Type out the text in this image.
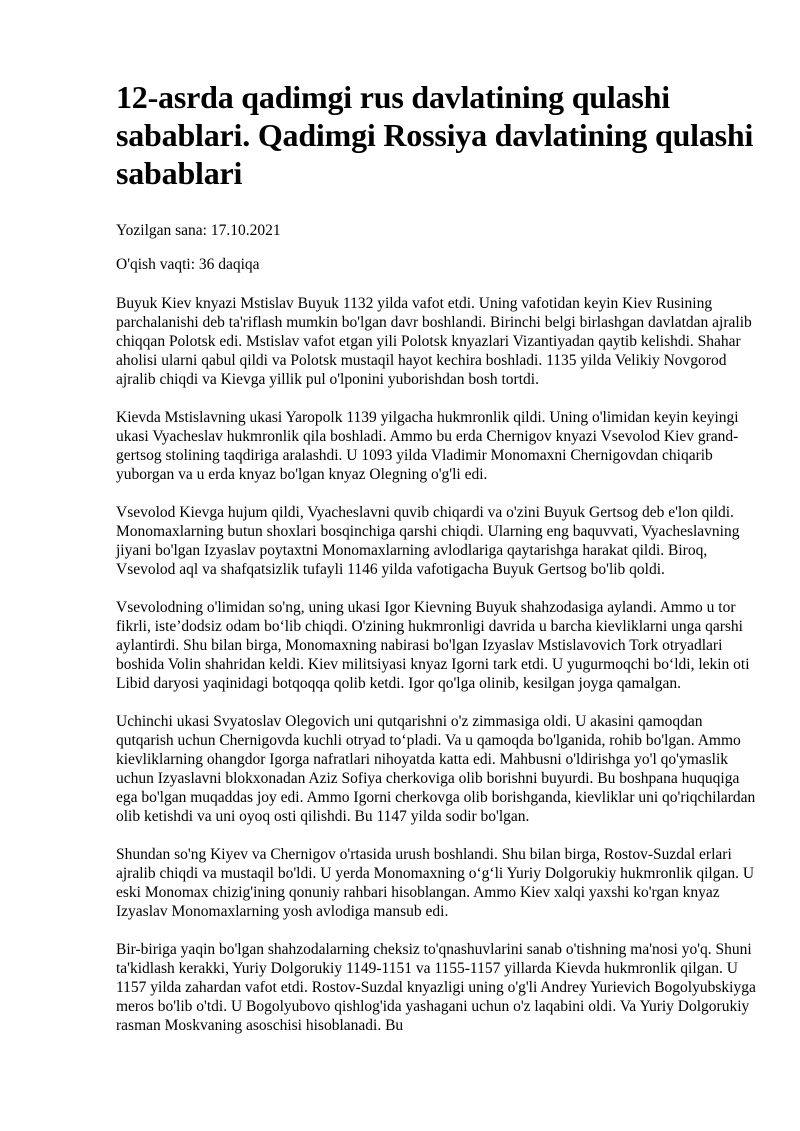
12-asrda qadimgi rus davlatining qulashi sabablari. Qadimgi Rossiya davlatining qulashi sabablari

Yozilgan sana: 17.10.2021

O'qish vaqti: 36 daqiqa

Buyuk Kiev knyazi Mstislav Buyuk 1132 yilda vafot etdi. Uning vafotidan keyin Kiev Rusining parchalanishi deb ta'riflash mumkin bo'lgan davr boshlandi. Birinchi belgi birlashgan davlatdan ajralib chiqqan Polotsk edi. Mstislav vafot etgan yili Polotsk knyazlari Vizantiyadan qaytib kelishdi. Shahar aholisi ularni qabul qildi va Polotsk mustaqil hayot kechira boshladi. 1135 yilda Velikiy Novgorod ajralib chiqdi va Kievga yillik pul o'lponini yuborishdan bosh tortdi.

Kievda Mstislavning ukasi Yaropolk 1139 yilgacha hukmronlik qildi. Uning o'limidan keyin keyingi ukasi Vyacheslav hukmronlik qila boshladi. Ammo bu erda Chernigov knyazi Vsevolod Kiev grand-gertsog stolining taqdiriga aralashdi. U 1093 yilda Vladimir Monomaxni Chernigovdan chiqarib yuborgan va u erda knyaz bo'lgan knyaz Olegning o'g'li edi.

Vsevolod Kievga hujum qildi, Vyacheslavni quvib chiqardi va o'zini Buyuk Gertsog deb e'lon qildi. Monomaxlarning butun shoxlari bosqinchiga qarshi chiqdi. Ularning eng baquvvati, Vyacheslavning jiyani bo'lgan Izyaslav poytaxtni Monomaxlarning avlodlariga qaytarishga harakat qildi. Biroq, Vsevolod aql va shafqatsizlik tufayli 1146 yilda vafotigacha Buyuk Gertsog bo'lib qoldi.

Vsevolodning o'limidan so'ng, uning ukasi Igor Kievning Buyuk shahzodasiga aylandi. Ammo u tor fikrli, iste’dodsiz odam bo‘lib chiqdi. O'zining hukmronligi davrida u barcha kievliklarni unga qarshi aylantirdi. Shu bilan birga, Monomaxning nabirasi bo'lgan Izyaslav Mstislavovich Tork otryadlari boshida Volin shahridan keldi. Kiev militsiyasi knyaz Igorni tark etdi. U yugurmoqchi bo‘ldi, lekin oti Libid daryosi yaqinidagi botqoqqa qolib ketdi. Igor qo'lga olinib, kesilgan joyga qamalgan.

Uchinchi ukasi Svyatoslav Olegovich uni qutqarishni o'z zimmasiga oldi. U akasini qamoqdan qutqarish uchun Chernigovda kuchli otryad to‘pladi. Va u qamoqda bo'lganida, rohib bo'lgan. Ammo kievliklarning ohangdor Igorga nafratlari nihoyatda katta edi. Mahbusni o'ldirishga yo'l qo'ymaslik uchun Izyaslavni blokxonadan Aziz Sofiya cherkoviga olib borishni buyurdi. Bu boshpana huquqiga ega bo'lgan muqaddas joy edi. Ammo Igorni cherkovga olib borishganda, kievliklar uni qo'riqchilardan olib ketishdi va uni oyoq osti qilishdi. Bu 1147 yilda sodir bo'lgan.

Shundan so'ng Kiyev va Chernigov o'rtasida urush boshlandi. Shu bilan birga, Rostov-Suzdal erlari ajralib chiqdi va mustaqil bo'ldi. U yerda Monomaxning o‘g‘li Yuriy Dolgorukiy hukmronlik qilgan. U eski Monomax chizig'ining qonuniy rahbari hisoblangan. Ammo Kiev xalqi yaxshi ko'rgan knyaz Izyaslav Monomaxlarning yosh avlodiga mansub edi.

Bir-biriga yaqin bo'lgan shahzodalarning cheksiz to'qnashuvlarini sanab o'tishning ma'nosi yo'q. Shuni ta'kidlash kerakki, Yuriy Dolgorukiy 1149-1151 va 1155-1157 yillarda Kievda hukmronlik qilgan. U 1157 yilda zahardan vafot etdi. Rostov-Suzdal knyazligi uning o'g'li Andrey Yurievich Bogolyubskiyga meros bo'lib o'tdi. U Bogolyubovo qishlog'ida yashagani uchun o'z laqabini oldi. Va Yuriy Dolgorukiy rasman Moskvaning asoschisi hisoblanadi. Bu
